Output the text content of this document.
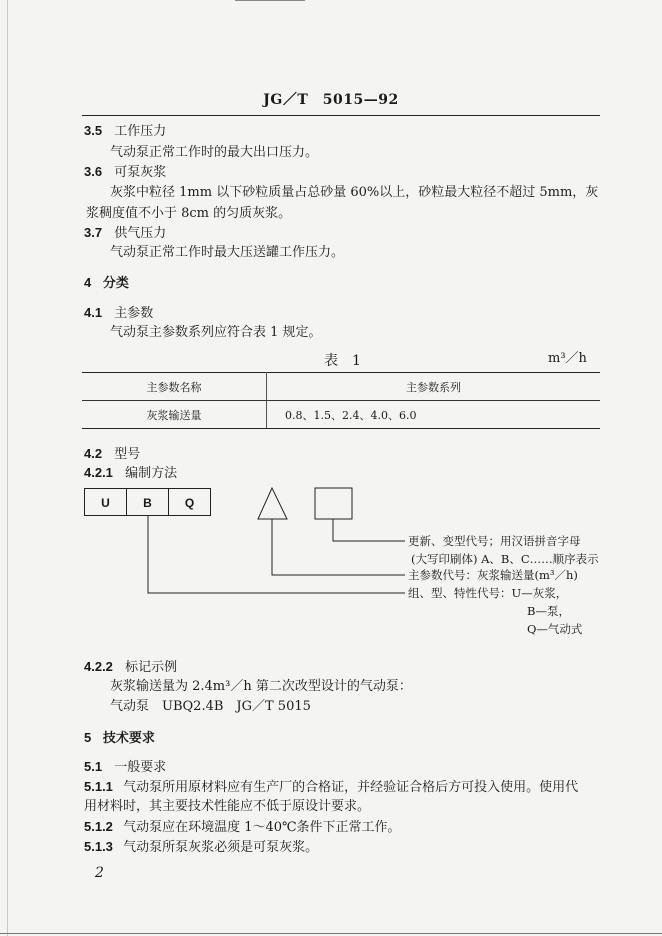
JG／T　5015—92
3.5 工作压力
气动泵正常工作时的最大出口压力。
3.6 可泵灰浆
灰浆中粒径 1mm 以下砂粒质量占总砂量 60%以上，砂粒最大粒径不超过 5mm，灰
浆稠度值不小于 8cm 的匀质灰浆。
3.7 供气压力
气动泵正常工作时最大压送罐工作压力。
4 分类
4.1 主参数
气动泵主参数系列应符合表 1 规定。
表　1	m³／h
主参数名称	主参数系列
灰浆输送量	0.8、1.5、2.4、4.0、6.0
4.2 型号
4.2.1 编制方法
U	B	Q
更新、变型代号；用汉语拼音字母
(大写印刷体) A、B、C……顺序表示
主参数代号：灰浆输送量(m³／h)
组、型、特性代号：U—灰浆，
B—泵，
Q—气动式
4.2.2 标记示例
灰浆输送量为 2.4m³／h 第二次改型设计的气动泵：
气动泵　UBQ2.4B　JG／T 5015
5 技术要求
5.1 一般要求
5.1.1 气动泵所用原材料应有生产厂的合格证，并经验证合格后方可投入使用。使用代
用材料时，其主要技术性能应不低于原设计要求。
5.1.2 气动泵应在环境温度 1～40℃条件下正常工作。
5.1.3 气动泵所泵灰浆必须是可泵灰浆。
2
